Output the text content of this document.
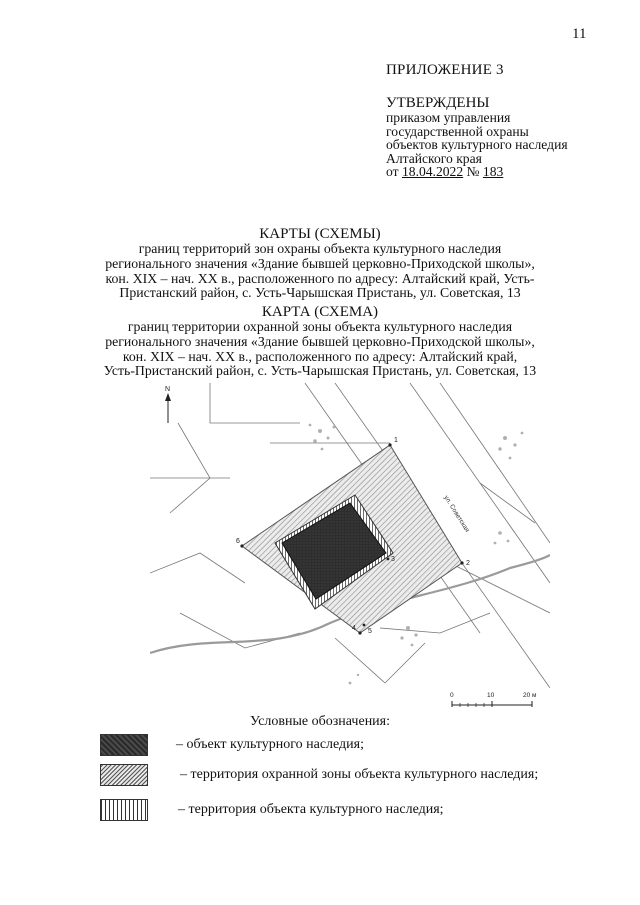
11
ПРИЛОЖЕНИЕ 3
УТВЕРЖДЕНЫ
приказом управления
государственной охраны
объектов культурного наследия
Алтайского края
от 18.04.2022 № 183
КАРТЫ (СХЕМЫ)
границ территорий зон охраны объекта культурного наследия
регионального значения «Здание бывшей церковно-Приходской школы»,
кон. XIX – нач. XX в., расположенного по адресу: Алтайский край, Усть-
Пристанский район, с. Усть-Чарышская Пристань, ул. Советская, 13
КАРТА (СХЕМА)
границ территории охранной зоны объекта культурного наследия
регионального значения «Здание бывшей церковно-Приходской школы»,
кон. XIX – нач. XX в., расположенного по адресу: Алтайский край,
Усть-Пристанский район, с. Усть-Чарышская Пристань, ул. Советская, 13
1
2
3
4 5
6
ул. Советская
N
0	10	20 м
Условные обозначения:
– объект культурного наследия;
– территория охранной зоны объекта культурного наследия;
– территория объекта культурного наследия;
